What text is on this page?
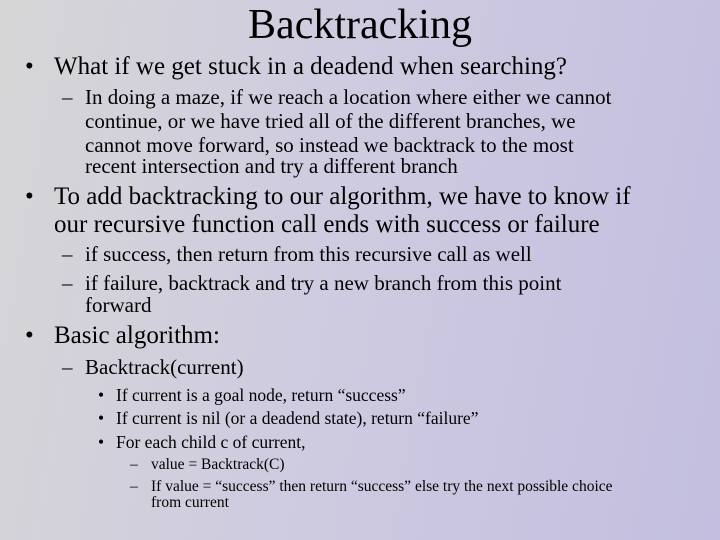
Backtracking
• What if we get stuck in a deadend when searching?
– In doing a maze, if we reach a location where either we cannot
continue, or we have tried all of the different branches, we
cannot move forward, so instead we backtrack to the most
recent intersection and try a different branch
• To add backtracking to our algorithm, we have to know if
our recursive function call ends with success or failure
– if success, then return from this recursive call as well
– if failure, backtrack and try a new branch from this point
forward
• Basic algorithm:
– Backtrack(current)
• If current is a goal node, return “success”
• If current is nil (or a deadend state), return “failure”
• For each child c of current,
– value = Backtrack(C)
– If value = “success” then return “success” else try the next possible choice
from current
